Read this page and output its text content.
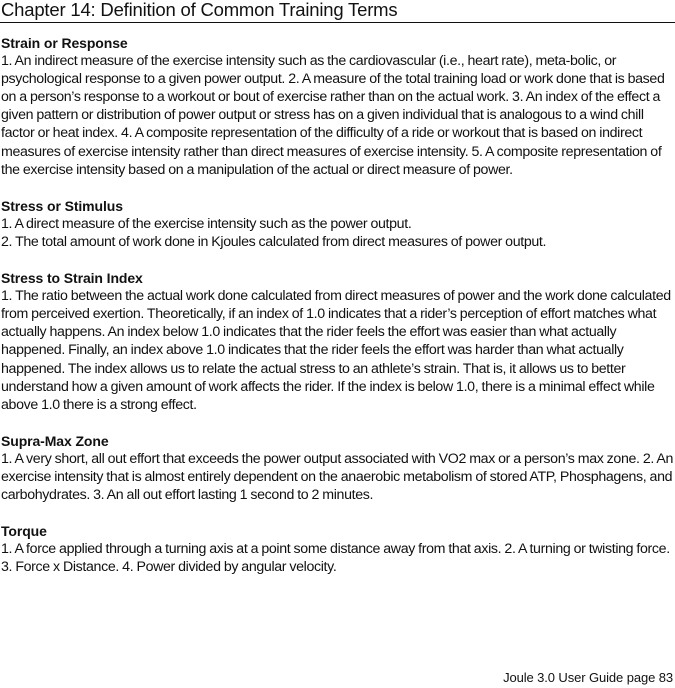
Chapter 14: Definition of Common Training Terms
Strain or Response
1. An indirect measure of the exercise intensity such as the cardiovascular (i.e., heart rate), meta-bolic, or psychological response to a given power output. 2. A measure of the total training load or work done that is based on a person’s response to a workout or bout of exercise rather than on the actual work. 3. An index of the effect a given pattern or distribution of power output or stress has on a given individual that is analogous to a wind chill factor or heat index. 4. A composite representation of the difficulty of a ride or workout that is based on indirect measures of exercise intensity rather than direct measures of exercise intensity. 5. A composite representation of the exercise intensity based on a manipulation of the actual or direct measure of power.
Stress or Stimulus
1. A direct measure of the exercise intensity such as the power output.
2. The total amount of work done in Kjoules calculated from direct measures of power output.
Stress to Strain Index
1. The ratio between the actual work done calculated from direct measures of power and the work done calculated from perceived exertion. Theoretically, if an index of 1.0 indicates that a rider’s perception of effort matches what actually happens. An index below 1.0 indicates that the rider feels the effort was easier than what actually happened. Finally, an index above 1.0 indicates that the rider feels the effort was harder than what actually happened. The index allows us to relate the actual stress to an athlete’s strain. That is, it allows us to better understand how a given amount of work affects the rider. If the index is below 1.0, there is a minimal effect while above 1.0 there is a strong effect.
Supra-Max Zone
1. A very short, all out effort that exceeds the power output associated with VO2 max or a person’s max zone. 2. An exercise intensity that is almost entirely dependent on the anaerobic metabolism of stored ATP, Phosphagens, and carbohydrates. 3. An all out effort lasting 1 second to 2 minutes.
Torque
1. A force applied through a turning axis at a point some distance away from that axis. 2. A turning or twisting force. 3. Force x Distance. 4. Power divided by angular velocity.
Joule 3.0 User Guide page 83
